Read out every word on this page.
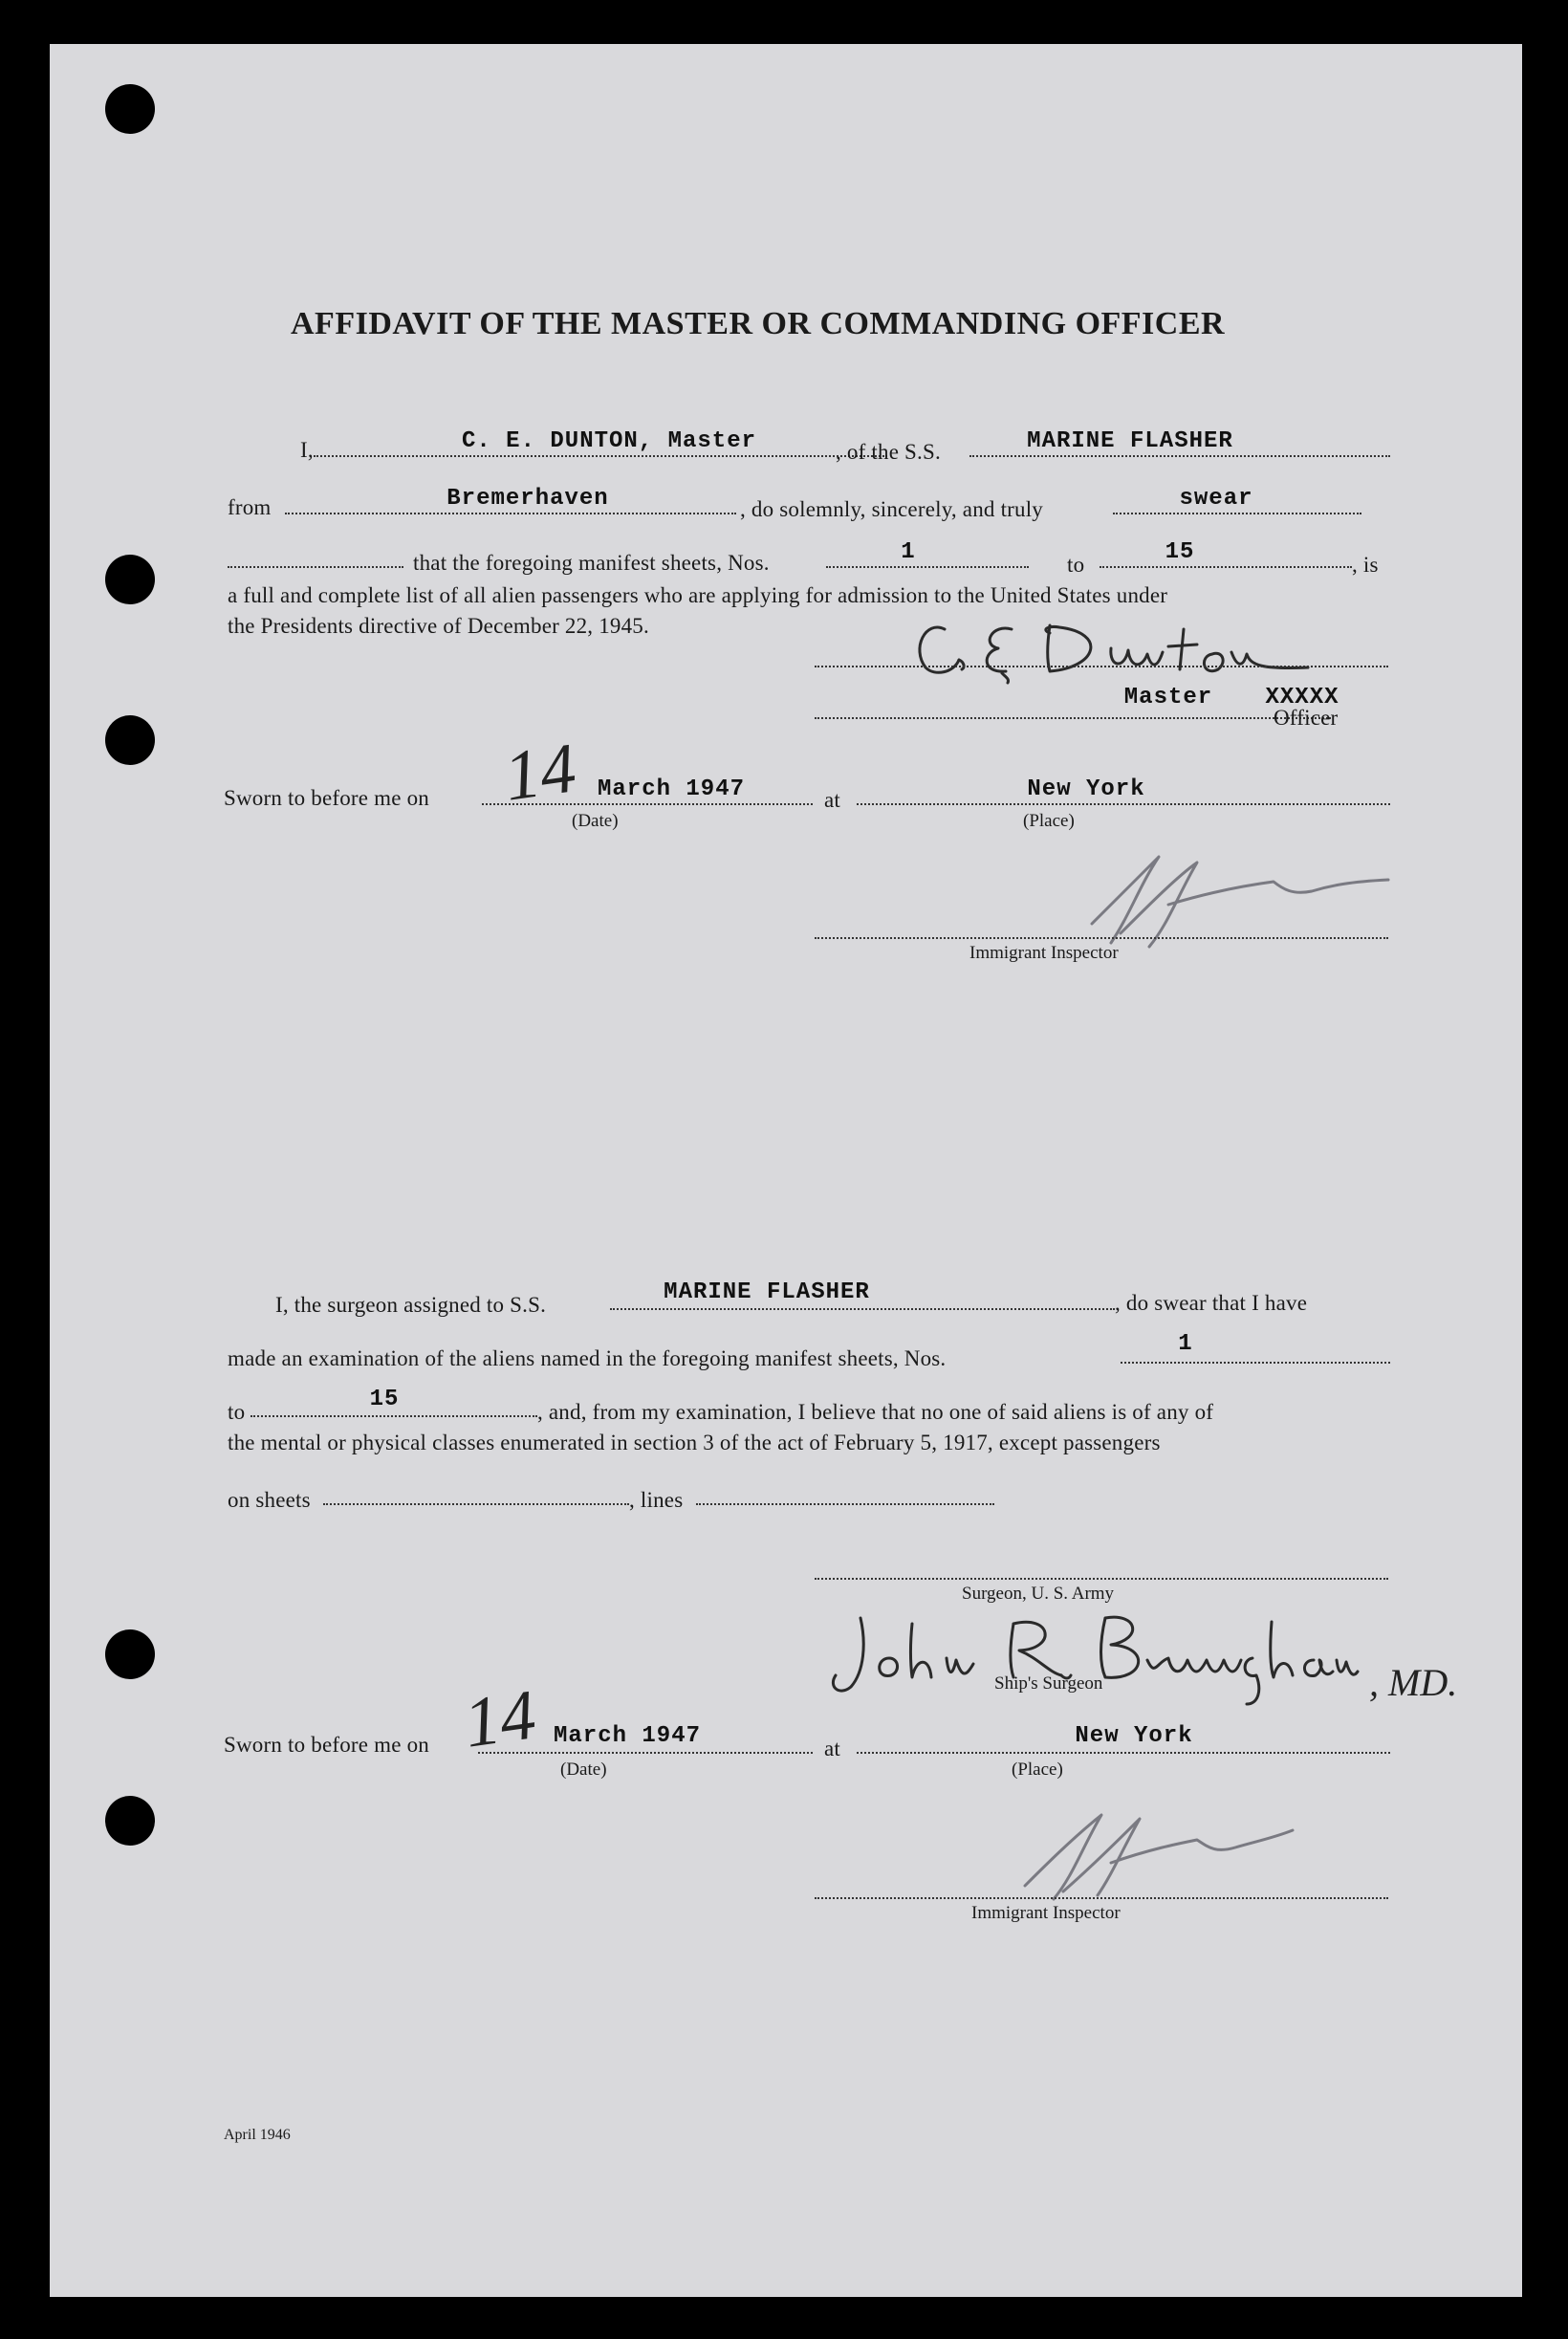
AFFIDAVIT OF THE MASTER OR COMMANDING OFFICER
I,	C. E. DUNTON, Master	, of the S.S.	MARINE FLASHER
from	Bremerhaven	, do solemnly, sincerely, and truly	swear
that the foregoing manifest sheets, Nos.	1	to	15	, is
a full and complete list of all alien passengers who are applying for admission to the United States under
the Presidents directive of December 22, 1945.
Master	XXXXX
Officer
Sworn to before me on 14 March 1947
(Date)
at	New York
(Place)
Immigrant Inspector
I, the surgeon assigned to S.S.	MARINE FLASHER	, do swear that I have
made an examination of the aliens named in the foregoing manifest sheets, Nos.
1
to	15	, and, from my examination, I believe that no one of said aliens is of any of
the mental or physical classes enumerated in section 3 of the act of February 5, 1917, except passengers
on sheets	, lines
Surgeon, U. S. Army
, MD.
Ship's Surgeon
Sworn to before me on 14 March 1947
(Date)
at	New York
(Place)
Immigrant Inspector
April 1946
